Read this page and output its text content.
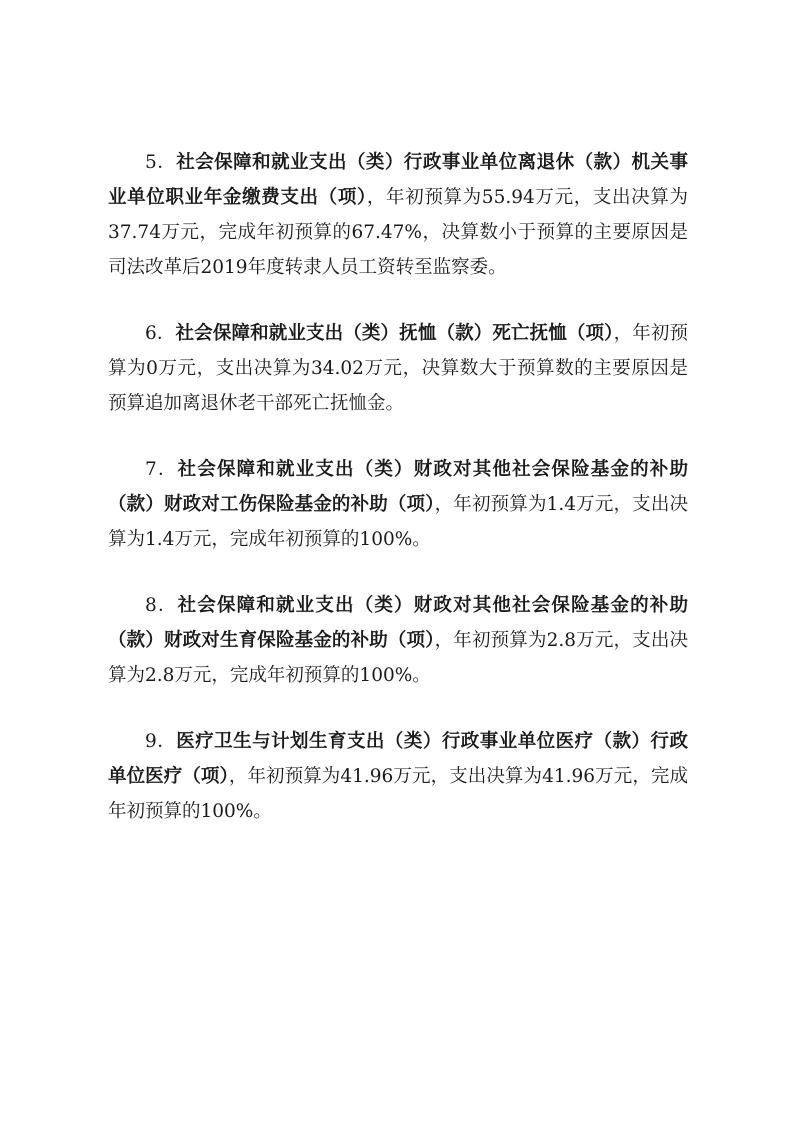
5．社会保障和就业支出（类）行政事业单位离退休（款）机关事业单位职业年金缴费支出（项），年初预算为55.94万元，支出决算为37.74万元，完成年初预算的67.47%，决算数小于预算的主要原因是司法改革后2019年度转隶人员工资转至监察委。

6．社会保障和就业支出（类）抚恤（款）死亡抚恤（项），年初预算为0万元，支出决算为34.02万元，决算数大于预算数的主要原因是预算追加离退休老干部死亡抚恤金。

7．社会保障和就业支出（类）财政对其他社会保险基金的补助（款）财政对工伤保险基金的补助（项），年初预算为1.4万元，支出决算为1.4万元，完成年初预算的100%。

8．社会保障和就业支出（类）财政对其他社会保险基金的补助（款）财政对生育保险基金的补助（项），年初预算为2.8万元，支出决算为2.8万元，完成年初预算的100%。

9．医疗卫生与计划生育支出（类）行政事业单位医疗（款）行政单位医疗（项），年初预算为41.96万元，支出决算为41.96万元，完成年初预算的100%。
